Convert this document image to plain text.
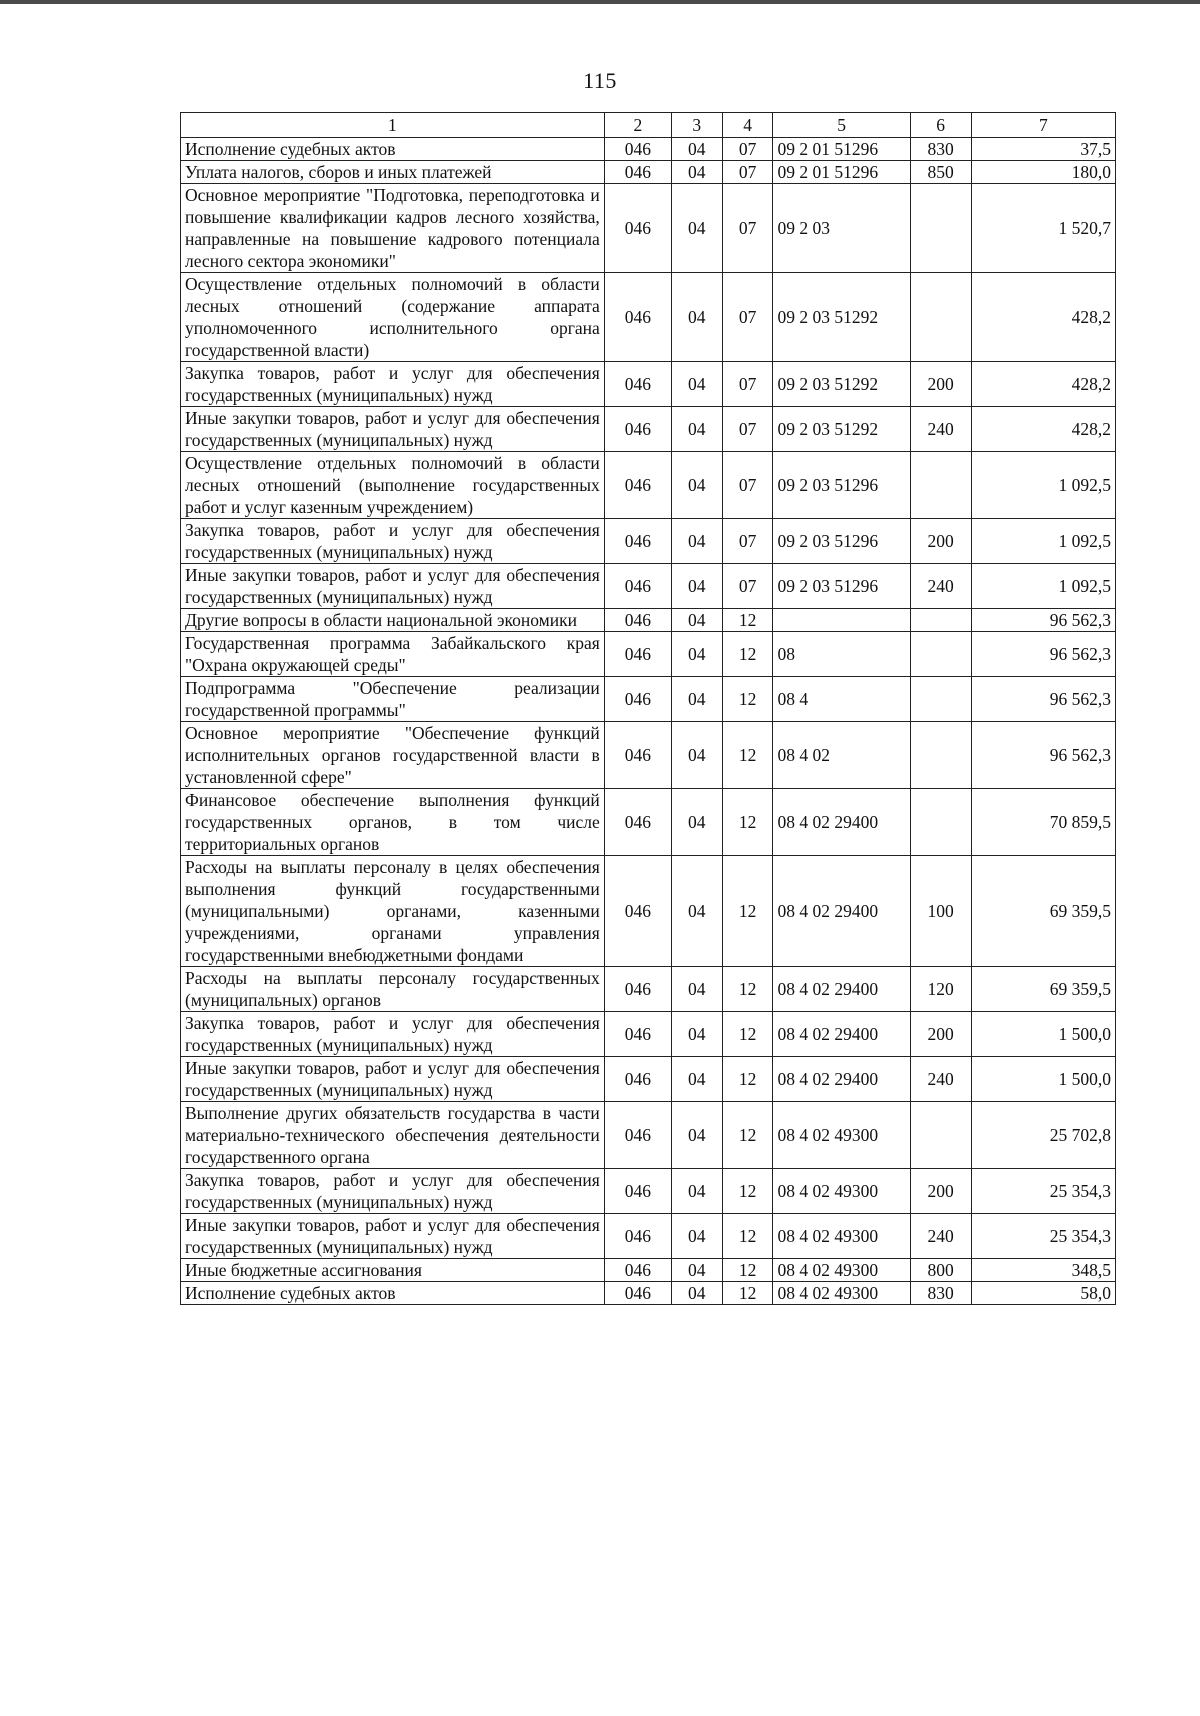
115
1	2	3	4	5	6	7
Исполнение судебных актов	046	04	07	09 2 01 51296	830	37,5
Уплата налогов, сборов и иных платежей	046	04	07	09 2 01 51296	850	180,0
Основное мероприятие "Подготовка, переподготовка и повышение квалификации кадров лесного хозяйства, направленные на повышение кадрового потенциала лесного сектора экономики"	046	04	07	09 2 03		1 520,7
Осуществление отдельных полномочий в области лесных отношений (содержание аппарата уполномоченного исполнительного органа государственной власти)	046	04	07	09 2 03 51292		428,2
Закупка товаров, работ и услуг для обеспечения государственных (муниципальных) нужд	046	04	07	09 2 03 51292	200	428,2
Иные закупки товаров, работ и услуг для обеспечения государственных (муниципальных) нужд	046	04	07	09 2 03 51292	240	428,2
Осуществление отдельных полномочий в области лесных отношений (выполнение государственных работ и услуг казенным учреждением)	046	04	07	09 2 03 51296		1 092,5
Закупка товаров, работ и услуг для обеспечения государственных (муниципальных) нужд	046	04	07	09 2 03 51296	200	1 092,5
Иные закупки товаров, работ и услуг для обеспечения государственных (муниципальных) нужд	046	04	07	09 2 03 51296	240	1 092,5
Другие вопросы в области национальной экономики	046	04	12			96 562,3
Государственная программа Забайкальского края "Охрана окружающей среды"	046	04	12	08		96 562,3
Подпрограмма "Обеспечение реализации государственной программы"	046	04	12	08 4		96 562,3
Основное мероприятие "Обеспечение функций исполнительных органов государственной власти в установленной сфере"	046	04	12	08 4 02		96 562,3
Финансовое обеспечение выполнения функций государственных органов, в том числе территориальных органов	046	04	12	08 4 02 29400		70 859,5
Расходы на выплаты персоналу в целях обеспечения выполнения функций государственными (муниципальными) органами, казенными учреждениями, органами управления государственными внебюджетными фондами	046	04	12	08 4 02 29400	100	69 359,5
Расходы на выплаты персоналу государственных (муниципальных) органов	046	04	12	08 4 02 29400	120	69 359,5
Закупка товаров, работ и услуг для обеспечения государственных (муниципальных) нужд	046	04	12	08 4 02 29400	200	1 500,0
Иные закупки товаров, работ и услуг для обеспечения государственных (муниципальных) нужд	046	04	12	08 4 02 29400	240	1 500,0
Выполнение других обязательств государства в части материально-технического обеспечения деятельности государственного органа	046	04	12	08 4 02 49300		25 702,8
Закупка товаров, работ и услуг для обеспечения государственных (муниципальных) нужд	046	04	12	08 4 02 49300	200	25 354,3
Иные закупки товаров, работ и услуг для обеспечения государственных (муниципальных) нужд	046	04	12	08 4 02 49300	240	25 354,3
Иные бюджетные ассигнования	046	04	12	08 4 02 49300	800	348,5
Исполнение судебных актов	046	04	12	08 4 02 49300	830	58,0
